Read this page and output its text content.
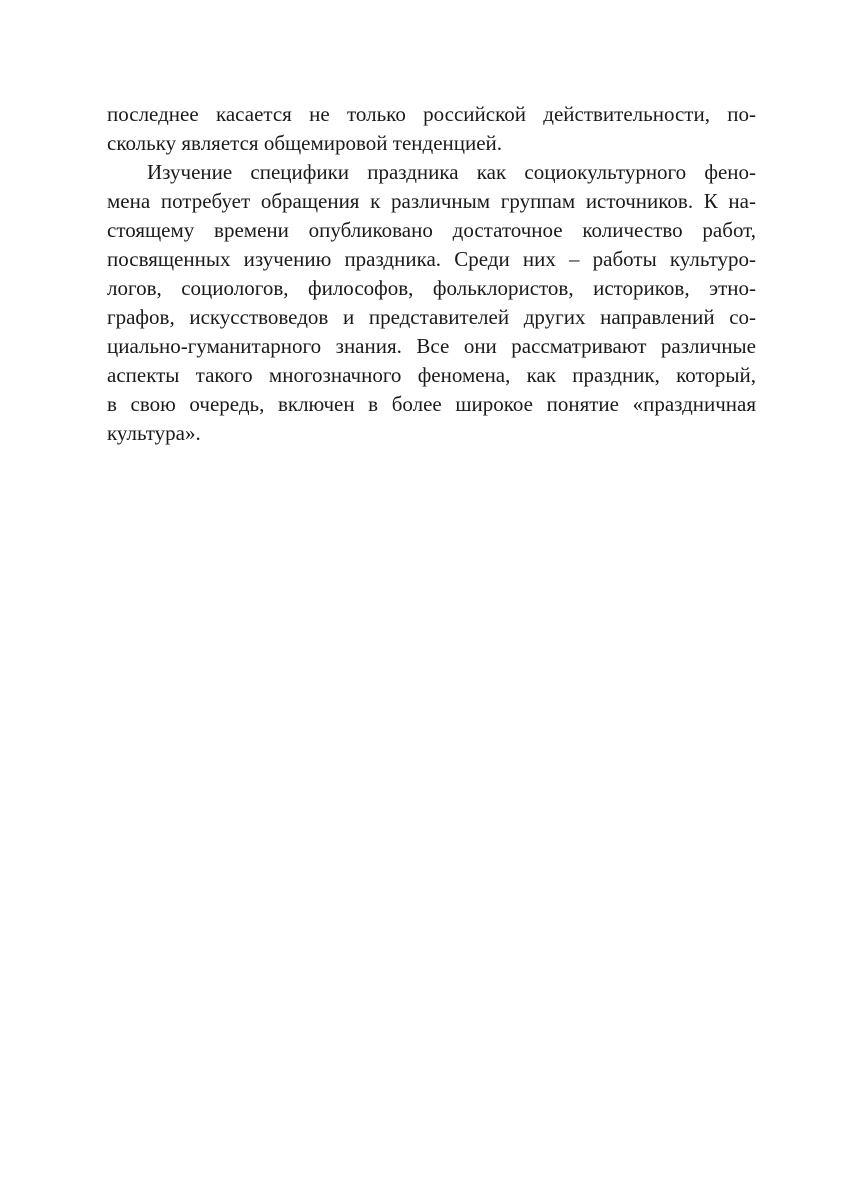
последнее касается не только российской действительности, по-
скольку является общемировой тенденцией.
Изучение специфики праздника как социокультурного фено-
мена потребует обращения к различным группам источников. К на-
стоящему времени опубликовано достаточное количество работ,
посвященных изучению праздника. Среди них – работы культуро-
логов, социологов, философов, фольклористов, историков, этно-
графов, искусствоведов и представителей других направлений со-
циально-гуманитарного знания. Все они рассматривают различные
аспекты такого многозначного феномена, как праздник, который,
в свою очередь, включен в более широкое понятие «праздничная
культура».
